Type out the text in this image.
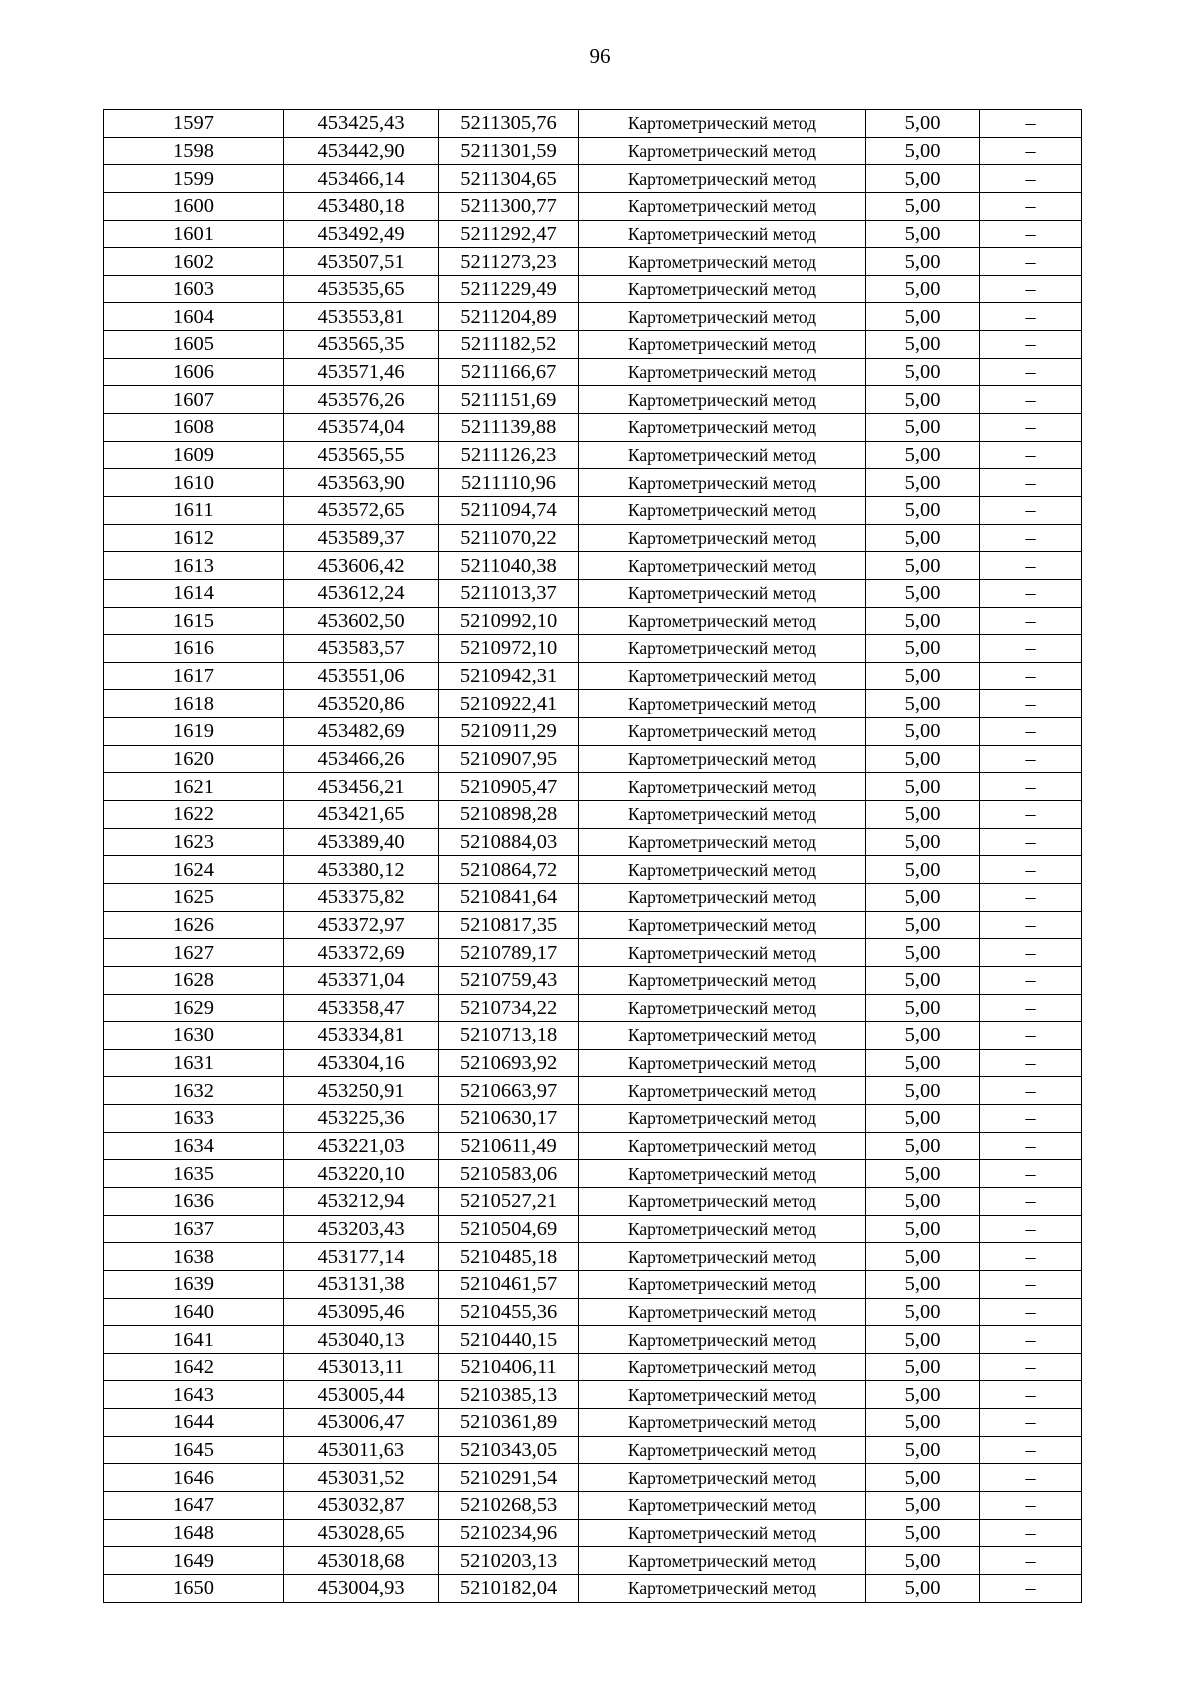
96
1597	453425,43	5211305,76	Картометрический метод	5,00	–
1598	453442,90	5211301,59	Картометрический метод	5,00	–
1599	453466,14	5211304,65	Картометрический метод	5,00	–
1600	453480,18	5211300,77	Картометрический метод	5,00	–
1601	453492,49	5211292,47	Картометрический метод	5,00	–
1602	453507,51	5211273,23	Картометрический метод	5,00	–
1603	453535,65	5211229,49	Картометрический метод	5,00	–
1604	453553,81	5211204,89	Картометрический метод	5,00	–
1605	453565,35	5211182,52	Картометрический метод	5,00	–
1606	453571,46	5211166,67	Картометрический метод	5,00	–
1607	453576,26	5211151,69	Картометрический метод	5,00	–
1608	453574,04	5211139,88	Картометрический метод	5,00	–
1609	453565,55	5211126,23	Картометрический метод	5,00	–
1610	453563,90	5211110,96	Картометрический метод	5,00	–
1611	453572,65	5211094,74	Картометрический метод	5,00	–
1612	453589,37	5211070,22	Картометрический метод	5,00	–
1613	453606,42	5211040,38	Картометрический метод	5,00	–
1614	453612,24	5211013,37	Картометрический метод	5,00	–
1615	453602,50	5210992,10	Картометрический метод	5,00	–
1616	453583,57	5210972,10	Картометрический метод	5,00	–
1617	453551,06	5210942,31	Картометрический метод	5,00	–
1618	453520,86	5210922,41	Картометрический метод	5,00	–
1619	453482,69	5210911,29	Картометрический метод	5,00	–
1620	453466,26	5210907,95	Картометрический метод	5,00	–
1621	453456,21	5210905,47	Картометрический метод	5,00	–
1622	453421,65	5210898,28	Картометрический метод	5,00	–
1623	453389,40	5210884,03	Картометрический метод	5,00	–
1624	453380,12	5210864,72	Картометрический метод	5,00	–
1625	453375,82	5210841,64	Картометрический метод	5,00	–
1626	453372,97	5210817,35	Картометрический метод	5,00	–
1627	453372,69	5210789,17	Картометрический метод	5,00	–
1628	453371,04	5210759,43	Картометрический метод	5,00	–
1629	453358,47	5210734,22	Картометрический метод	5,00	–
1630	453334,81	5210713,18	Картометрический метод	5,00	–
1631	453304,16	5210693,92	Картометрический метод	5,00	–
1632	453250,91	5210663,97	Картометрический метод	5,00	–
1633	453225,36	5210630,17	Картометрический метод	5,00	–
1634	453221,03	5210611,49	Картометрический метод	5,00	–
1635	453220,10	5210583,06	Картометрический метод	5,00	–
1636	453212,94	5210527,21	Картометрический метод	5,00	–
1637	453203,43	5210504,69	Картометрический метод	5,00	–
1638	453177,14	5210485,18	Картометрический метод	5,00	–
1639	453131,38	5210461,57	Картометрический метод	5,00	–
1640	453095,46	5210455,36	Картометрический метод	5,00	–
1641	453040,13	5210440,15	Картометрический метод	5,00	–
1642	453013,11	5210406,11	Картометрический метод	5,00	–
1643	453005,44	5210385,13	Картометрический метод	5,00	–
1644	453006,47	5210361,89	Картометрический метод	5,00	–
1645	453011,63	5210343,05	Картометрический метод	5,00	–
1646	453031,52	5210291,54	Картометрический метод	5,00	–
1647	453032,87	5210268,53	Картометрический метод	5,00	–
1648	453028,65	5210234,96	Картометрический метод	5,00	–
1649	453018,68	5210203,13	Картометрический метод	5,00	–
1650	453004,93	5210182,04	Картометрический метод	5,00	–
